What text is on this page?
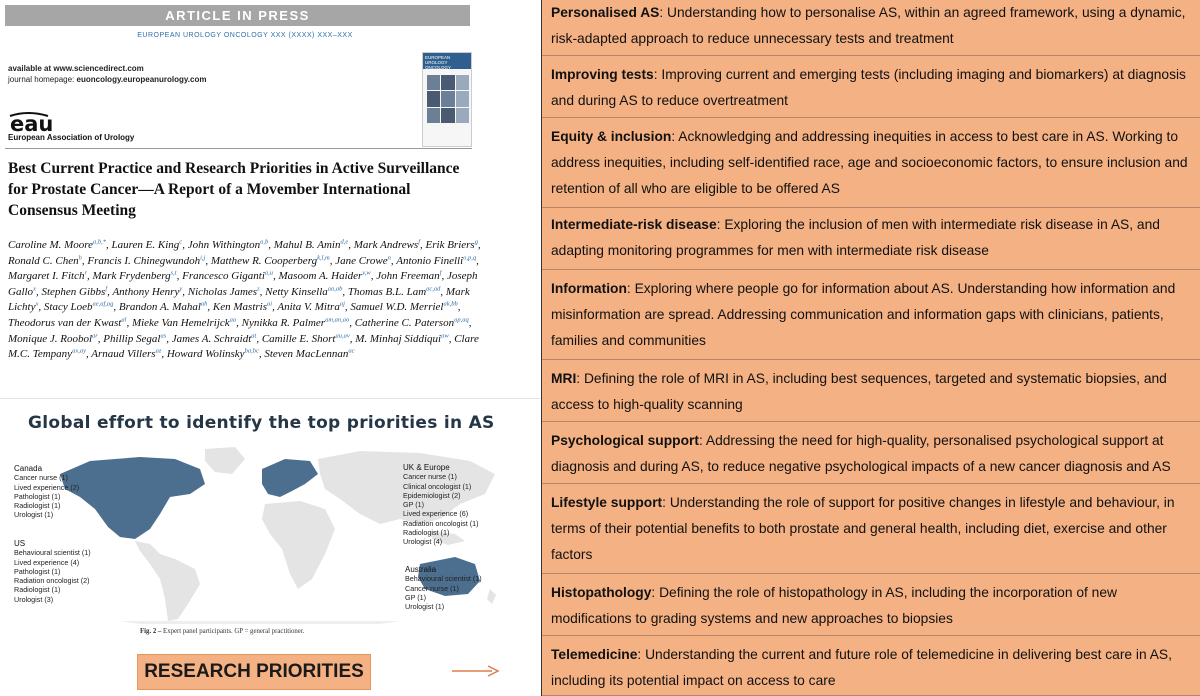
ARTICLE IN PRESS
EUROPEAN UROLOGY ONCOLOGY XXX (XXXX) XXX–XXX
available at www.sciencedirect.com
journal homepage: euoncology.europeanurology.com
EUROPEAN UROLOGY ONCOLOGY
eau
European Association of Urology
Best Current Practice and Research Priorities in Active Surveillance for Prostate Cancer—A Report of a Movember International Consensus Meeting
Caroline M. Moore$^{a,b,*}$, Lauren E. King$^c$, John Withington$^{a,b}$, Mahul B. Amin$^{d,e}$, Mark Andrews$^f$, Erik Briers$^g$, Ronald C. Chen$^h$, Francis I. Chinegwundoh$^{i,j}$, Matthew R. Cooperberg$^{k,l,m}$, Jane Crowe$^n$, Antonio Finelli$^{o,p,q}$, Margaret I. Fitch$^r$, Mark Frydenberg$^{s,t}$, Francesco Giganti$^{a,u}$, Masoom A. Haider$^{v,w}$, John Freeman$^f$, Joseph Gallo$^x$, Stephen Gibbs$^f$, Anthony Henry$^y$, Nicholas James$^z$, Netty Kinsella$^{aa,ab}$, Thomas B.L. Lam$^{ac,ad}$, Mark Lichty$^x$, Stacy Loeb$^{ae,af,ag}$, Brandon A. Mahal$^{ah}$, Ken Mastris$^{ai}$, Anita V. Mitra$^{aj}$, Samuel W.D. Merriel$^{ak,bb}$, Theodorus van der Kwast$^{al}$, Mieke Van Hemelrijck$^{aa}$, Nynikka R. Palmer$^{am,an,ao}$, Catherine C. Paterson$^{ap,aq}$, Monique J. Roobol$^{ar}$, Phillip Segal$^{as}$, James A. Schraidt$^{at}$, Camille E. Short$^{au,av}$, M. Minhaj Siddiqui$^{aw}$, Clare M.C. Tempany$^{ax,ay}$, Arnaud Villers$^{az}$, Howard Wolinsky$^{ba,bc}$, Steven MacLennan$^{ac}$
Global effort to identify the top priorities in AS
Canada
Cancer nurse (1)
Lived experience (2)
Pathologist (1)
Radiologist (1)
Urologist (1)
US
Behavioural scientist (1)
Lived experience (4)
Pathologist (1)
Radiation oncologist (2)
Radiologist (1)
Urologist (3)
UK & Europe
Cancer nurse (1)
Clinical oncologist (1)
Epidemiologist (2)
GP (1)
Lived experience (6)
Radiation oncologist (1)
Radiologist (1)
Urologist (4)
Australia
Behavioural scientist (1)
Cancer nurse (1)
GP (1)
Urologist (1)
Fig. 2 – Expert panel participants. GP = general practitioner.
RESEARCH PRIORITIES
Personalised AS: Understanding how to personalise AS, within an agreed framework, using a dynamic, risk-adapted approach to reduce unnecessary tests and treatment
Improving tests: Improving current and emerging tests (including imaging and biomarkers) at diagnosis and during AS to reduce overtreatment
Equity & inclusion: Acknowledging and addressing inequities in access to best care in AS. Working to address inequities, including self-identified race, age and socioeconomic factors, to ensure inclusion and retention of all who are eligible to be offered AS
Intermediate-risk disease: Exploring the inclusion of men with intermediate risk disease in AS, and adapting monitoring programmes for men with intermediate risk disease
Information: Exploring where people go for information about AS. Understanding how information and misinformation are spread. Addressing communication and information gaps with clinicians, patients, families and communities
MRI: Defining the role of MRI in AS, including best sequences, targeted and systematic biopsies, and access to high-quality scanning
Psychological support: Addressing the need for high-quality, personalised psychological support at diagnosis and during AS, to reduce negative psychological impacts of a new cancer diagnosis and AS
Lifestyle support: Understanding the role of support for positive changes in lifestyle and behaviour, in terms of their potential benefits to both prostate and general health, including diet, exercise and other factors
Histopathology: Defining the role of histopathology in AS, including the incorporation of new modifications to grading systems and new approaches to biopsies
Telemedicine: Understanding the current and future role of telemedicine in delivering best care in AS, including its potential impact on access to care
